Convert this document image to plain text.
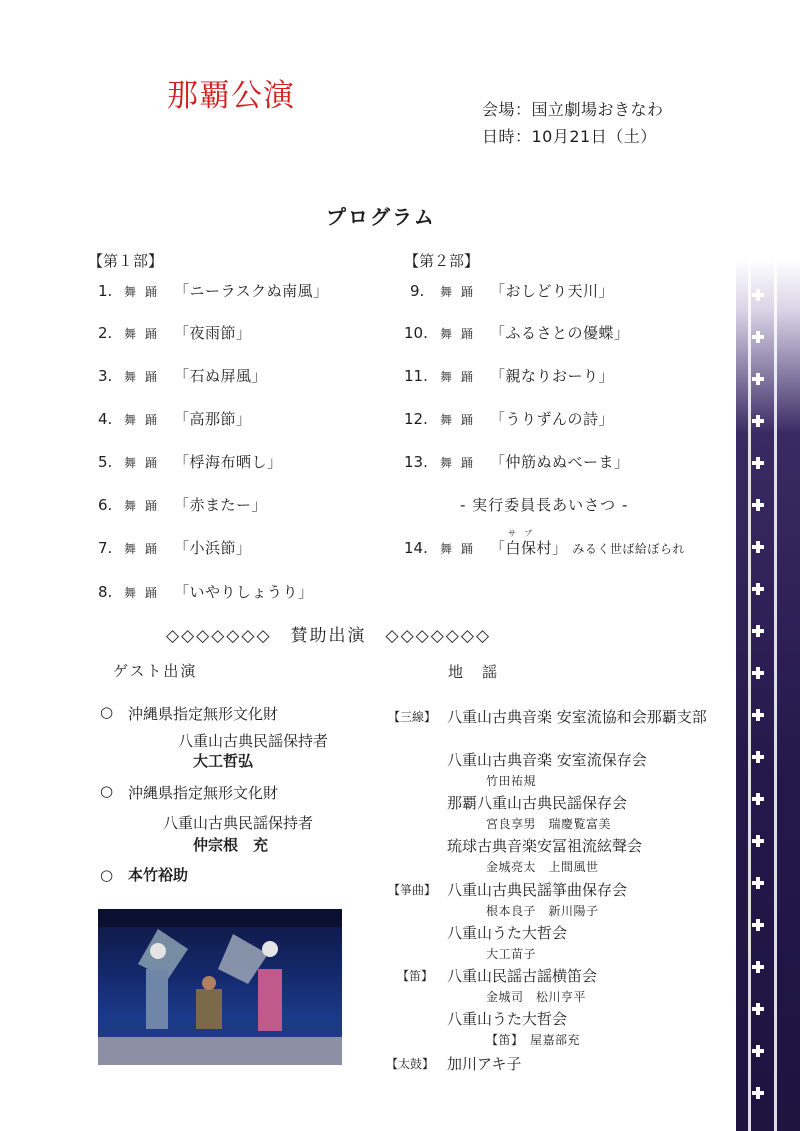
那覇公演	会場：国立劇場おきなわ
日時：10月21日（土）
プログラム
【第１部】
1. 舞踊 「ニーラスクぬ南風」
2. 舞踊 「夜雨節」
3. 舞踊 「石ぬ屏風」
4. 舞踊 「高那節」
5. 舞踊 「桴海布晒し」
6. 舞踊 「赤またー」
7. 舞踊 「小浜節」
8. 舞踊 「いやりしょうり」
【第２部】
9. 舞踊 「おしどり天川」
10. 舞踊 「ふるさとの優蝶」
11. 舞踊 「親なりおーり」
12. 舞踊 「うりずんの詩」
13. 舞踊 「仲筋ぬぬべーま」
- 実行委員長あいさつ -
サブ
14. 舞踊 「白保村」 みるく世ば給ぼられ
◇◇◇◇◇◇◇　賛助出演　◇◇◇◇◇◇◇
ゲスト出演
○ 沖縄県指定無形文化財
八重山古典民謡保持者
大工哲弘
○ 沖縄県指定無形文化財
八重山古典民謡保持者
仲宗根　充
○ 本竹裕助
地　謡
【三線】 八重山古典音楽 安室流協和会那覇支部
八重山古典音楽 安室流保存会
竹田祐規
那覇八重山古典民謡保存会
宮良享男　瑞慶覧富美
琉球古典音楽安冨祖流絃聲会
金城亮太　上間風世
【箏曲】 八重山古典民謡箏曲保存会
根本良子　新川陽子
八重山うた大哲会
大工苗子
【笛】 八重山民謡古謡横笛会
金城司　松川亨平
八重山うた大哲会
【笛】　屋嘉部充
【太鼓】 加川アキ子
